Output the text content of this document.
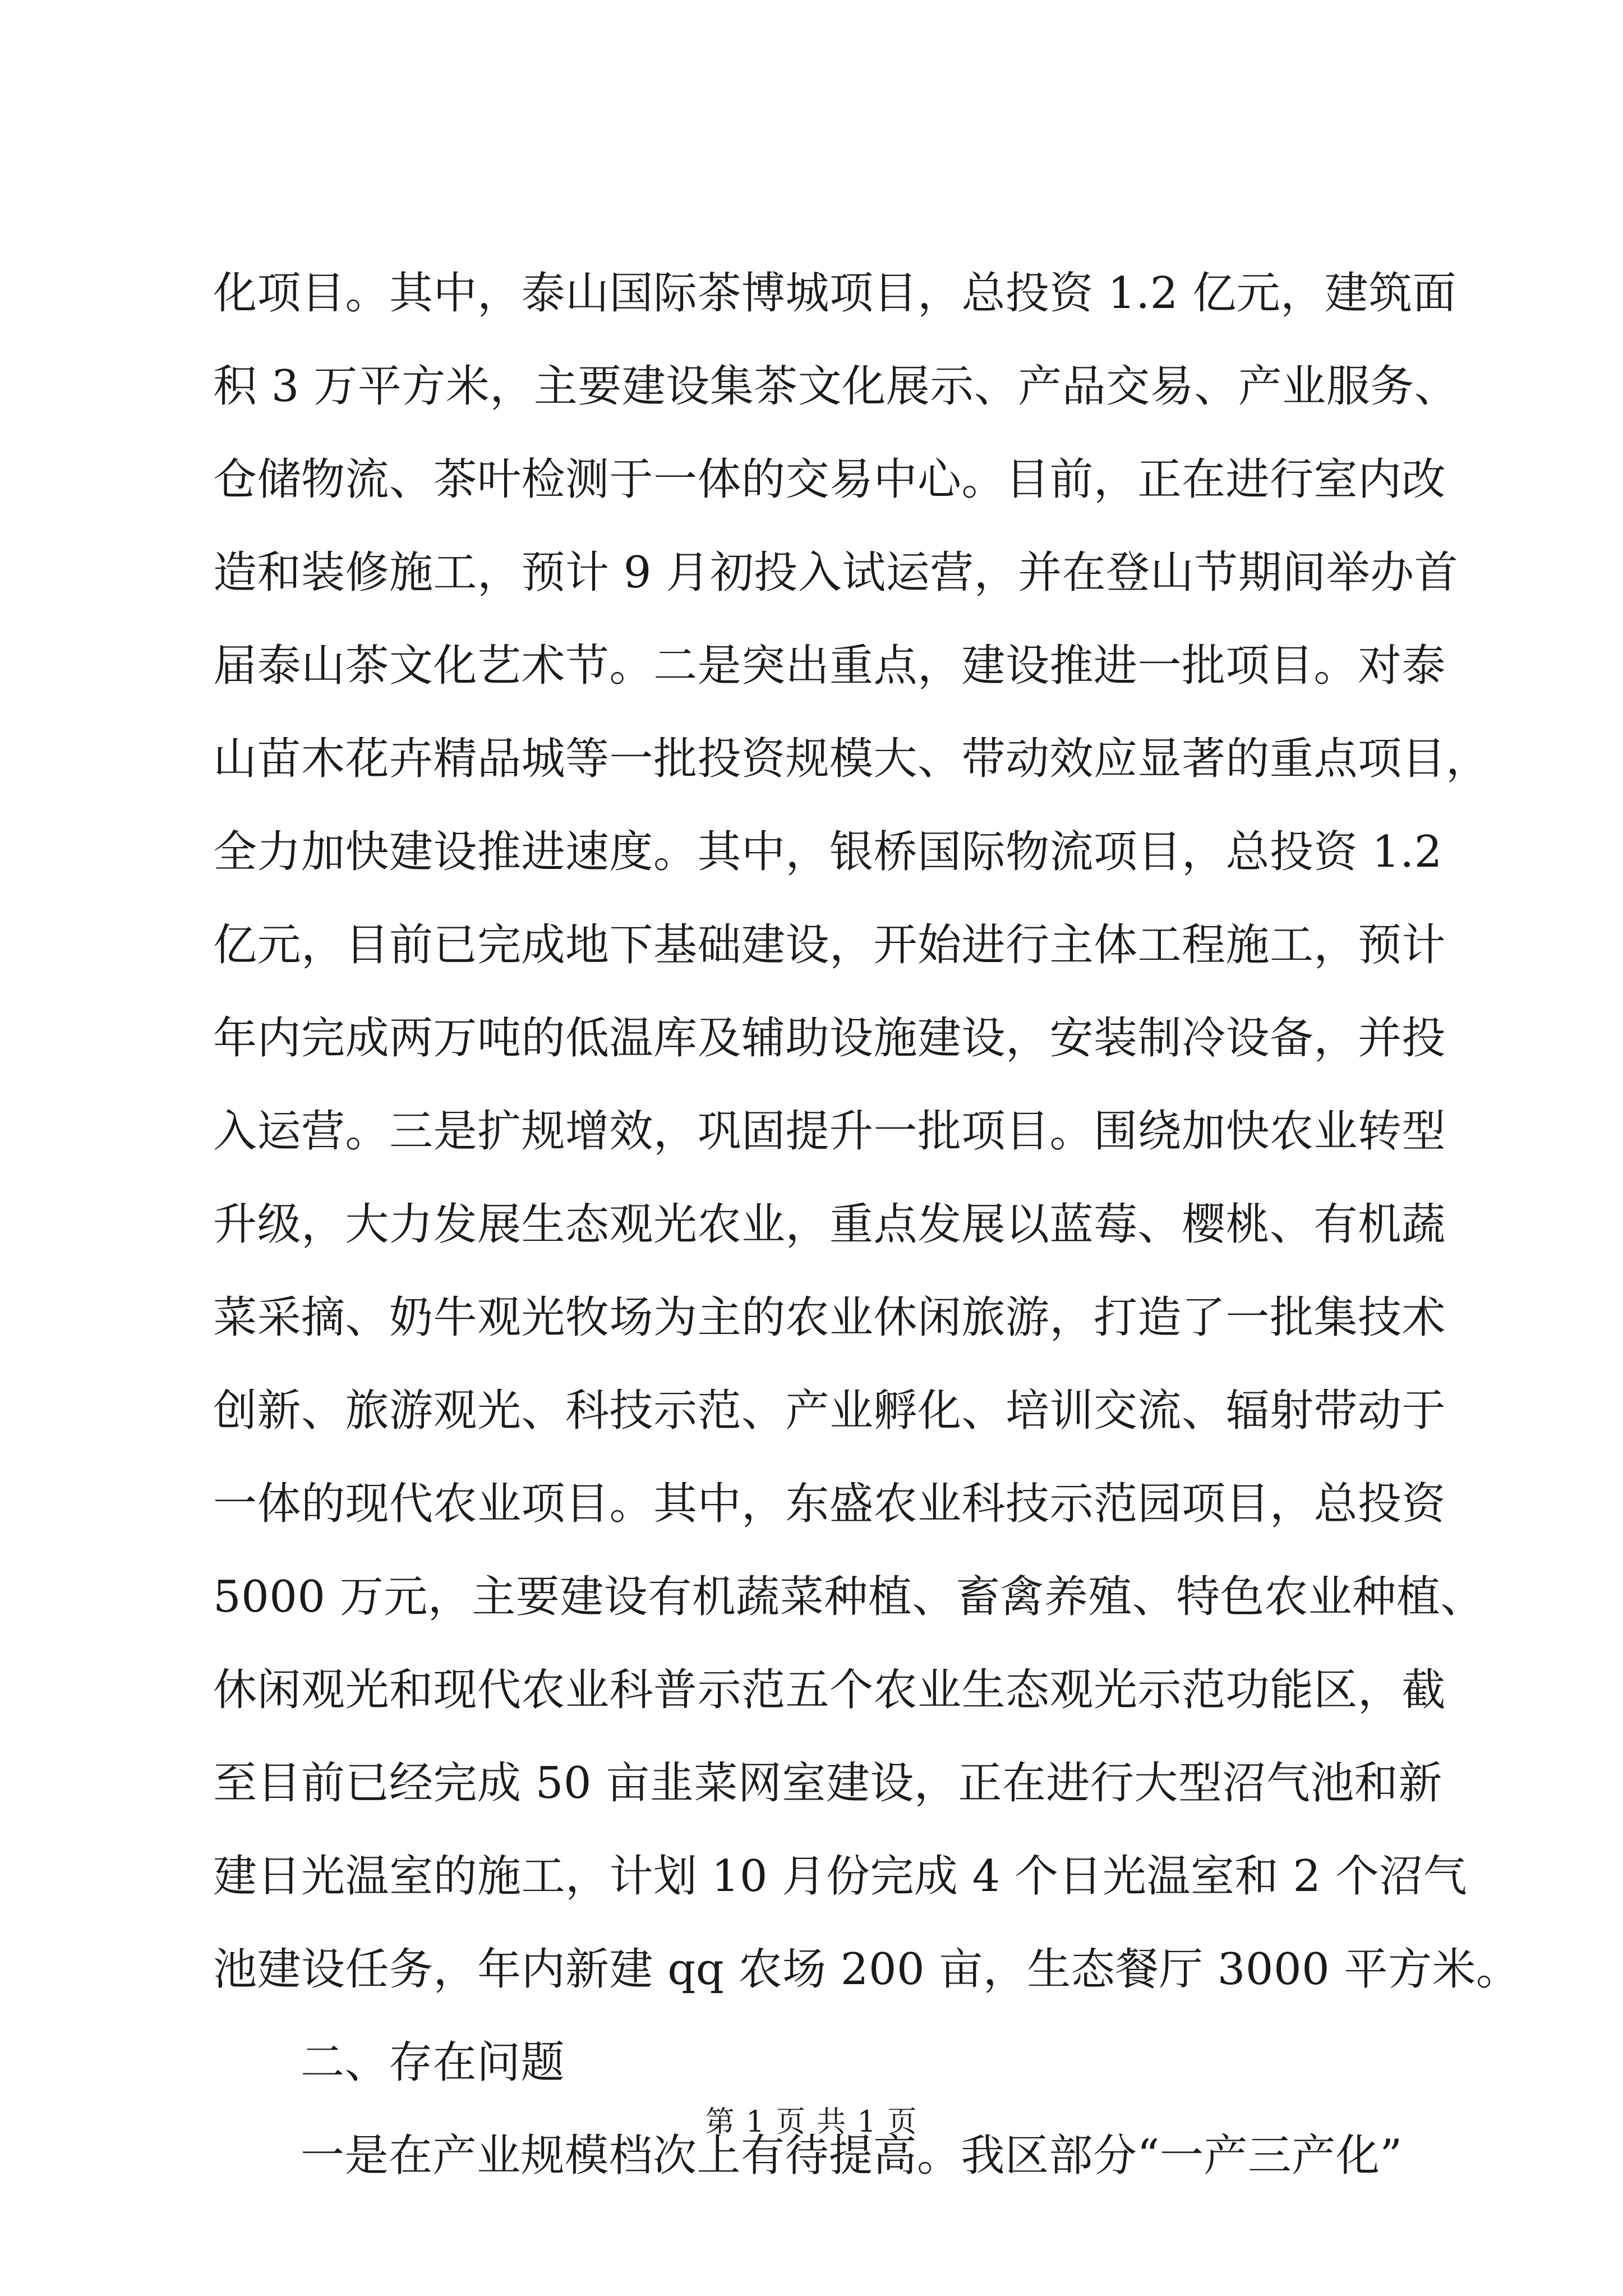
化项目。其中，泰山国际茶博城项目，总投资 1.2 亿元，建筑面
积 3 万平方米，主要建设集茶文化展示、产品交易、产业服务、
仓储物流、茶叶检测于一体的交易中心。目前，正在进行室内改
造和装修施工，预计 9 月初投入试运营，并在登山节期间举办首
届泰山茶文化艺术节。二是突出重点，建设推进一批项目。对泰
山苗木花卉精品城等一批投资规模大、带动效应显著的重点项目，
全力加快建设推进速度。其中，银桥国际物流项目，总投资 1.2
亿元，目前已完成地下基础建设，开始进行主体工程施工，预计
年内完成两万吨的低温库及辅助设施建设，安装制冷设备，并投
入运营。三是扩规增效，巩固提升一批项目。围绕加快农业转型
升级，大力发展生态观光农业，重点发展以蓝莓、樱桃、有机蔬
菜采摘、奶牛观光牧场为主的农业休闲旅游，打造了一批集技术
创新、旅游观光、科技示范、产业孵化、培训交流、辐射带动于
一体的现代农业项目。其中，东盛农业科技示范园项目，总投资
5000 万元，主要建设有机蔬菜种植、畜禽养殖、特色农业种植、
休闲观光和现代农业科普示范五个农业生态观光示范功能区，截
至目前已经完成 50 亩韭菜网室建设，正在进行大型沼气池和新
建日光温室的施工，计划 10 月份完成 4 个日光温室和 2 个沼气
池建设任务，年内新建 qq 农场 200 亩，生态餐厅 3000 平方米。
二、存在问题
一是在产业规模档次上有待提高。我区部分“一产三产化”
第 1 页 共 1 页
